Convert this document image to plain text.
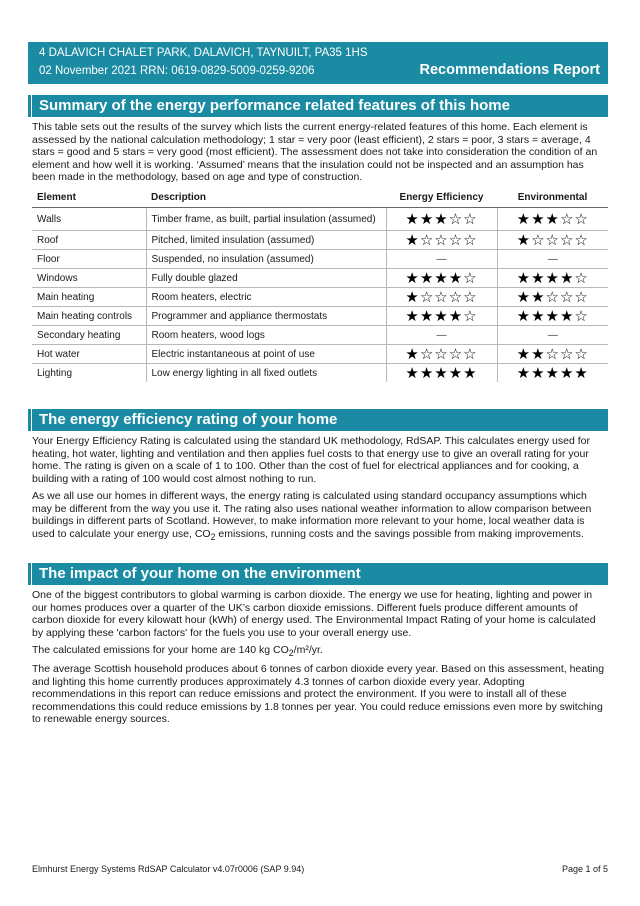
4 DALAVICH CHALET PARK, DALAVICH, TAYNUILT, PA35 1HS
02 November 2021 RRN: 0619-0829-5009-0259-9206	Recommendations Report
Summary of the energy performance related features of this home

This table sets out the results of the survey which lists the current energy-related features of this home. Each element is assessed by the national calculation methodology; 1 star = very poor (least efficient), 2 stars = poor, 3 stars = average, 4 stars = good and 5 stars = very good (most efficient). The assessment does not take into consideration the condition of an element and how well it is working. ‘Assumed’ means that the insulation could not be inspected and an assumption has been made in the methodology, based on age and type of construction.

Element	Description	Energy Efficiency	Environmental
Walls	Timber frame, as built, partial insulation (assumed)	★★★☆☆	★★★☆☆
Roof	Pitched, limited insulation (assumed)	★☆☆☆☆	★☆☆☆☆
Floor	Suspended, no insulation (assumed)	—	—
Windows	Fully double glazed	★★★★☆	★★★★☆
Main heating	Room heaters, electric	★☆☆☆☆	★★☆☆☆
Main heating controls	Programmer and appliance thermostats	★★★★☆	★★★★☆
Secondary heating	Room heaters, wood logs	—	—
Hot water	Electric instantaneous at point of use	★☆☆☆☆	★★☆☆☆
Lighting	Low energy lighting in all fixed outlets	★★★★★	★★★★★
The energy efficiency rating of your home

Your Energy Efficiency Rating is calculated using the standard UK methodology, RdSAP. This calculates energy used for heating, hot water, lighting and ventilation and then applies fuel costs to that energy use to give an overall rating for your home. The rating is given on a scale of 1 to 100. Other than the cost of fuel for electrical appliances and for cooking, a building with a rating of 100 would cost almost nothing to run.

As we all use our homes in different ways, the energy rating is calculated using standard occupancy assumptions which may be different from the way you use it. The rating also uses national weather information to allow comparison between buildings in different parts of Scotland. However, to make information more relevant to your home, local weather data is used to calculate your energy use, $CO_2$ emissions, running costs and the savings possible from making improvements.

The impact of your home on the environment

One of the biggest contributors to global warming is carbon dioxide. The energy we use for heating, lighting and power in our homes produces over a quarter of the UK’s carbon dioxide emissions. Different fuels produce different amounts of carbon dioxide for every kilowatt hour (kWh) of energy used. The Environmental Impact Rating of your home is calculated by applying these 'carbon factors' for the fuels you use to your overall energy use.

The calculated emissions for your home are 140 kg $CO_2/m^2/yr$.

The average Scottish household produces about 6 tonnes of carbon dioxide every year. Based on this assessment, heating and lighting this home currently produces approximately 4.3 tonnes of carbon dioxide every year. Adopting recommendations in this report can reduce emissions and protect the environment. If you were to install all of these recommendations this could reduce emissions by 1.8 tonnes per year. You could reduce emissions even more by switching to renewable energy sources.

Elmhurst Energy Systems RdSAP Calculator v4.07r0006 (SAP 9.94)	Page 1 of 5
